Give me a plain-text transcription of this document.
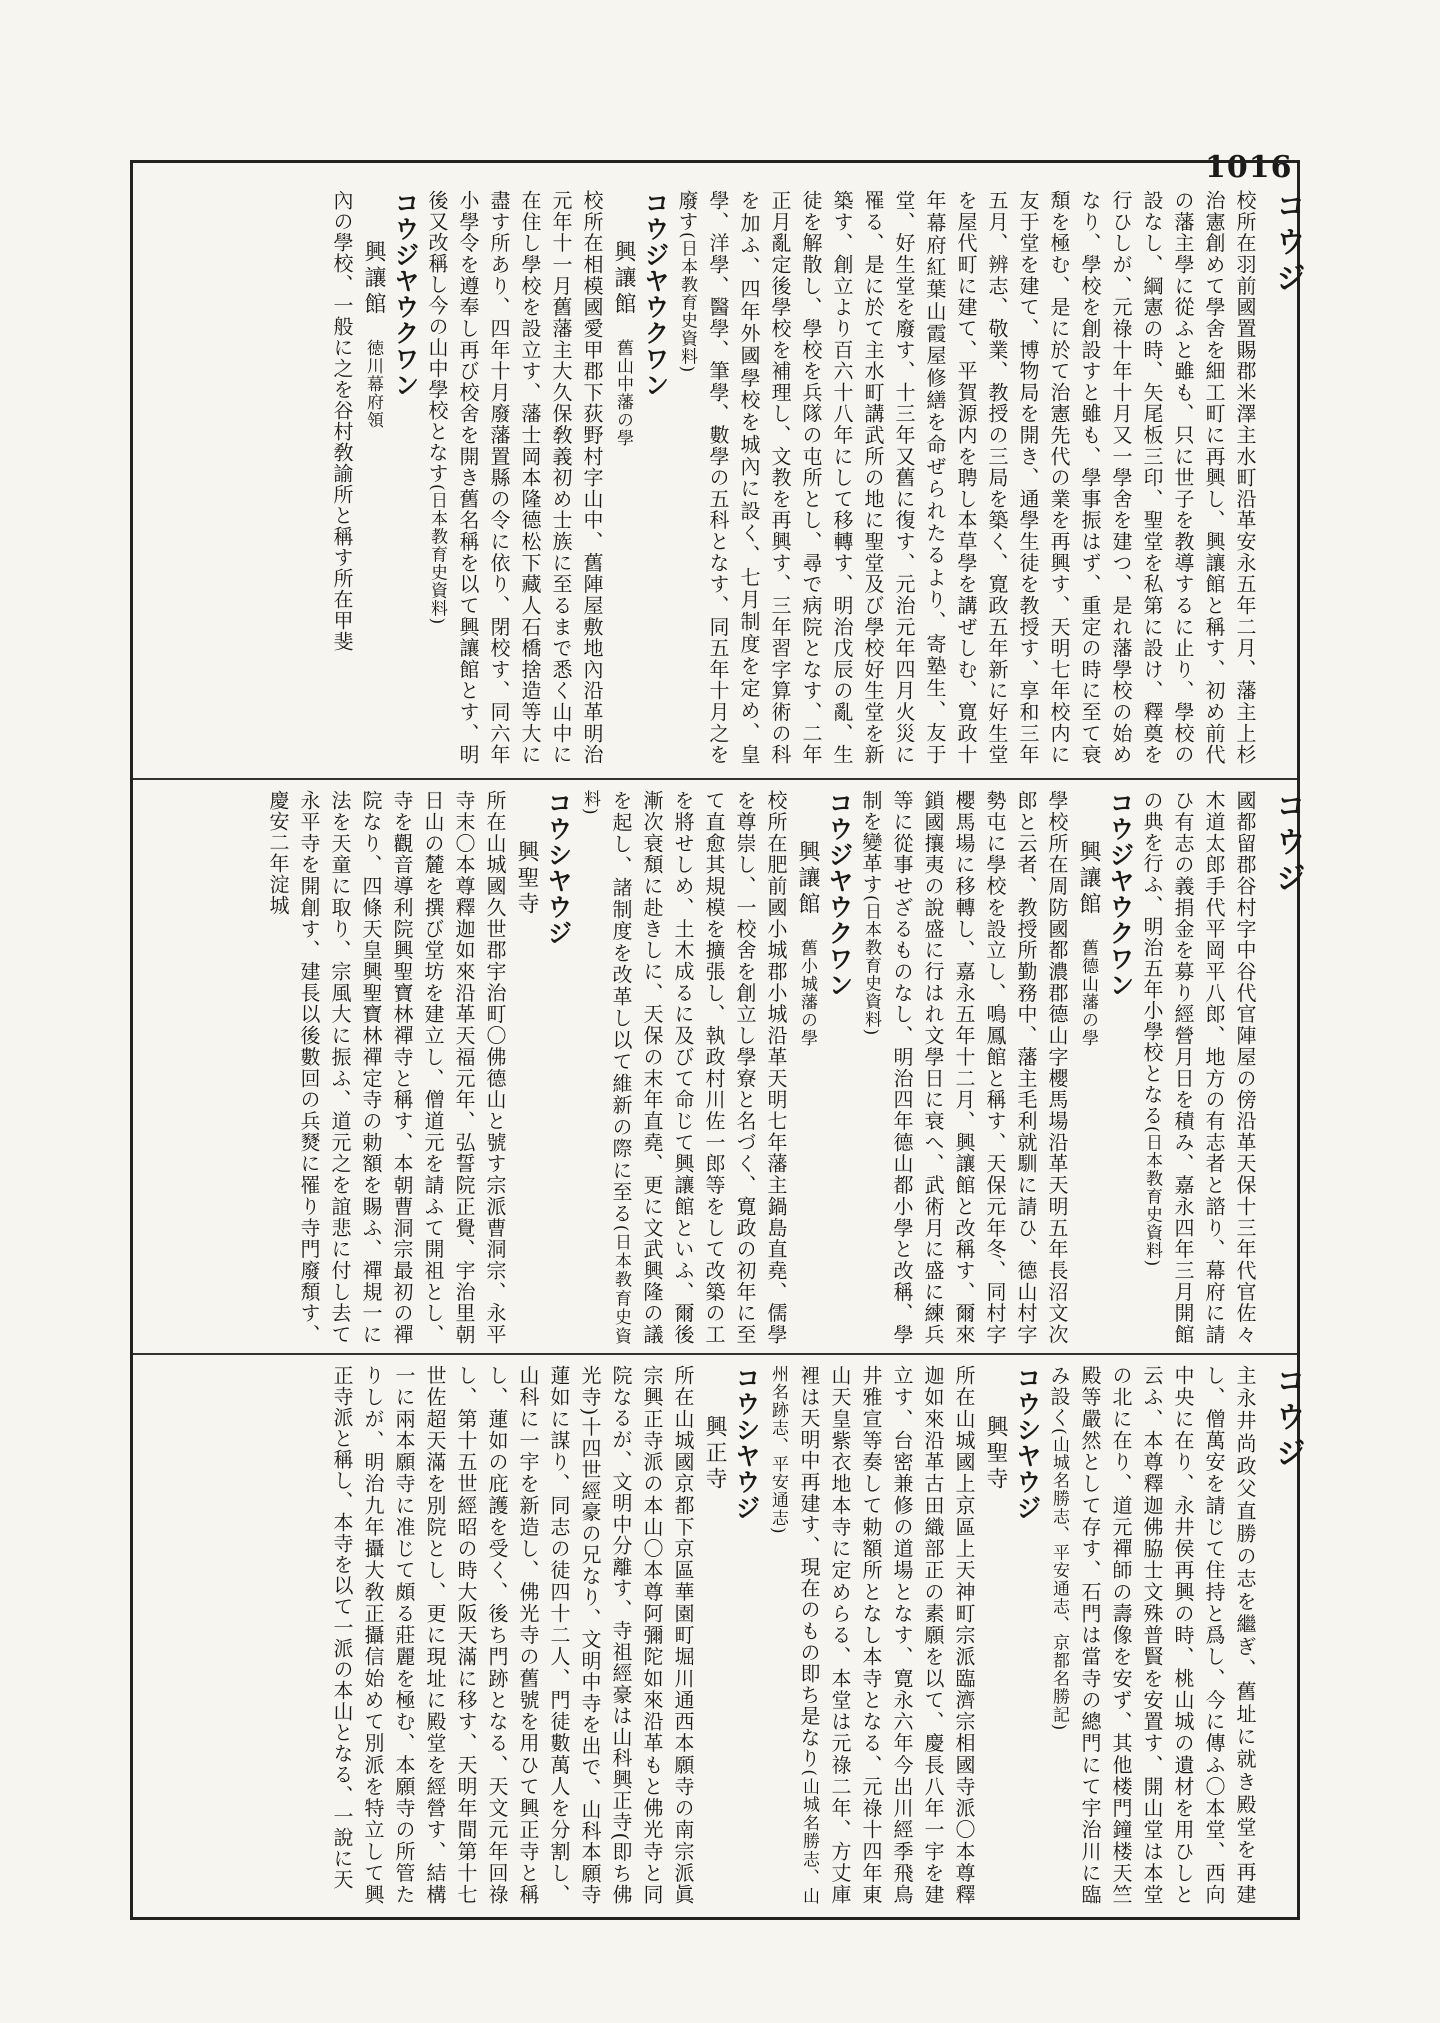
1016
コウジ
コウジ
コウジ
校所在羽前國置賜郡米澤主水町沿革安永五年二月、藩主上杉治憲創めて學舍を細工町に再興し、興讓館と稱す、初め前代の藩主學に從ふと雖も、只に世子を教導するに止り、學校の設なし、綱憲の時、矢尾板三印、聖堂を私第に設け、釋奠を行ひしが、元祿十年十月又一學舍を建つ、是れ藩學校の始めなり、學校を創設すと雖も、學事振はず、重定の時に至て衰頽を極む、是に於て治憲先代の業を再興す、天明七年校内に友于堂を建て、博物局を開き、通學生徒を教授す、享和三年五月、辨志、敬業、教授の三局を築く、寛政五年新に好生堂を屋代町に建て、平賀源内を聘し本草學を講ぜしむ、寛政十年幕府紅葉山霞屋修繕を命ぜられたるより、寄塾生、友于堂、好生堂を廢す、十三年又舊に復す、元治元年四月火災に罹る、是に於て主水町講武所の地に聖堂及び學校好生堂を新築す、創立より百六十八年にして移轉す、明治戊辰の亂、生徒を解散し、學校を兵隊の屯所とし、尋で病院となす、二年正月亂定後學校を補理し、文教を再興す、三年習字算術の科を加ふ、四年外國學校を城內に設く、七月制度を定め、皇學、洋學、醫學、筆學、數學の五科となす、同五年十月之を廢す(日本教育史資料)
コウジヤウクワン
興讓館　舊山中藩の學
校所在相模國愛甲郡下荻野村字山中、舊陣屋敷地內沿革明治元年十一月舊藩主大久保敎義初め士族に至るまで悉く山中に在住し學校を設立す、藩士岡本隆德松下藏人石橋捨造等大に盡す所あり、四年十月廢藩置縣の令に依り、閉校す、同六年小學令を遵奉し再び校舍を開き舊名稱を以て興讓館とす、明後又改稱し今の山中學校となす(日本教育史資料)
コウジヤウクワン
興讓館　徳川幕府領
內の學校、一般に之を谷村敎諭所と稱す所在甲斐
國都留郡谷村字中谷代官陣屋の傍沿革天保十三年代官佐々木道太郎手代平岡平八郎、地方の有志者と諮り、幕府に請ひ有志の義捐金を募り經營月日を積み、嘉永四年三月開館の典を行ふ、明治五年小學校となる(日本教育史資料)
コウジヤウクワン
興讓館　舊德山藩の學
學校所在周防國都濃郡德山字櫻馬場沿革天明五年長沼文次郎と云者、教授所勤務中、藩主毛利就馴に請ひ、德山村字勢屯に學校を設立し、鳴鳳館と稱す、天保元年冬、同村字櫻馬場に移轉し、嘉永五年十二月、興讓館と改稱す、爾來鎖國攘夷の說盛に行はれ文學日に衰へ、武術月に盛に練兵等に從事せざるものなし、明治四年德山都小學と改稱、學制を變革す(日本教育史資料)
コウジヤウクワン
興讓館　舊小城藩の學
校所在肥前國小城郡小城沿革天明七年藩主鍋島直堯、儒學を尊崇し、一校舍を創立し學寮と名づく、寛政の初年に至て直愈其規模を擴張し、執政村川佐一郎等をして改築の工を將せしめ、土木成るに及びて命じて興讓館といふ、爾後漸次衰頽に赴きしに、天保の末年直堯、更に文武興隆の議を起し、諸制度を改革し以て維新の際に至る(日本教育史資料)
コウシヤウジ
興聖寺
所在山城國久世郡宇治町〇佛德山と號す宗派曹洞宗、永平寺末〇本尊釋迦如來沿革天福元年、弘誓院正覺、宇治里朝日山の麓を撰び堂坊を建立し、僧道元を請ふて開祖とし、寺を觀音導利院興聖寶林禪寺と稱す、本朝曹洞宗最初の禪院なり、四條天皇興聖寶林禪定寺の勅額を賜ふ、禪規一に法を天童に取り、宗風大に振ふ、道元之を誼悲に付し去て永平寺を開創す、建長以後數回の兵燹に罹り寺門廢頽す、慶安二年淀城
主永井尚政父直勝の志を繼ぎ、舊址に就き殿堂を再建し、僧萬安を請じて住持と爲し、今に傳ふ〇本堂、西向中央に在り、永井侯再興の時、桃山城の遺材を用ひしと云ふ、本尊釋迦佛脇士文殊普賢を安置す、開山堂は本堂の北に在り、道元禪師の壽像を安ず、其他楼門鐘楼天竺殿等嚴然として存す、石門は當寺の總門にて宇治川に臨み設く(山城名勝志、平安通志、京都名勝記)
コウシヤウジ
興聖寺
所在山城國上京區上天神町宗派臨濟宗相國寺派〇本尊釋迦如來沿革古田織部正の素願を以て、慶長八年一宇を建立す、台密兼修の道場となす、寛永六年今出川經季飛鳥井雅宣等奏して勅額所となし本寺となる、元祿十四年東山天皇紫衣地本寺に定めらる、本堂は元祿二年、方丈庫裡は天明中再建す、現在のもの即ち是なり(山城名勝志、山州名跡志、平安通志)
コウシヤウジ
興正寺
所在山城國京都下京區華園町堀川通西本願寺の南宗派眞宗興正寺派の本山〇本尊阿彌陀如來沿革もと佛光寺と同院なるが、文明中分離す、寺祖經豪は山科興正寺(即ち佛光寺)十四世經豪の兄なり、文明中寺を出で、山科本願寺蓮如に謀り、同志の徒四十二人、門徒數萬人を分割し、山科に一宇を新造し、佛光寺の舊號を用ひて興正寺と稱し、蓮如の庇護を受く、後ち門跡となる、天文元年回祿し、第十五世經昭の時大阪天滿に移す、天明年間第十七世佐超天滿を別院とし、更に現址に殿堂を經營す、結構一に兩本願寺に准じて頗る莊麗を極む、本願寺の所管たりしが、明治九年攝大敎正攝信始めて別派を特立して興正寺派と稱し、本寺を以て一派の本山となる、一說に天
